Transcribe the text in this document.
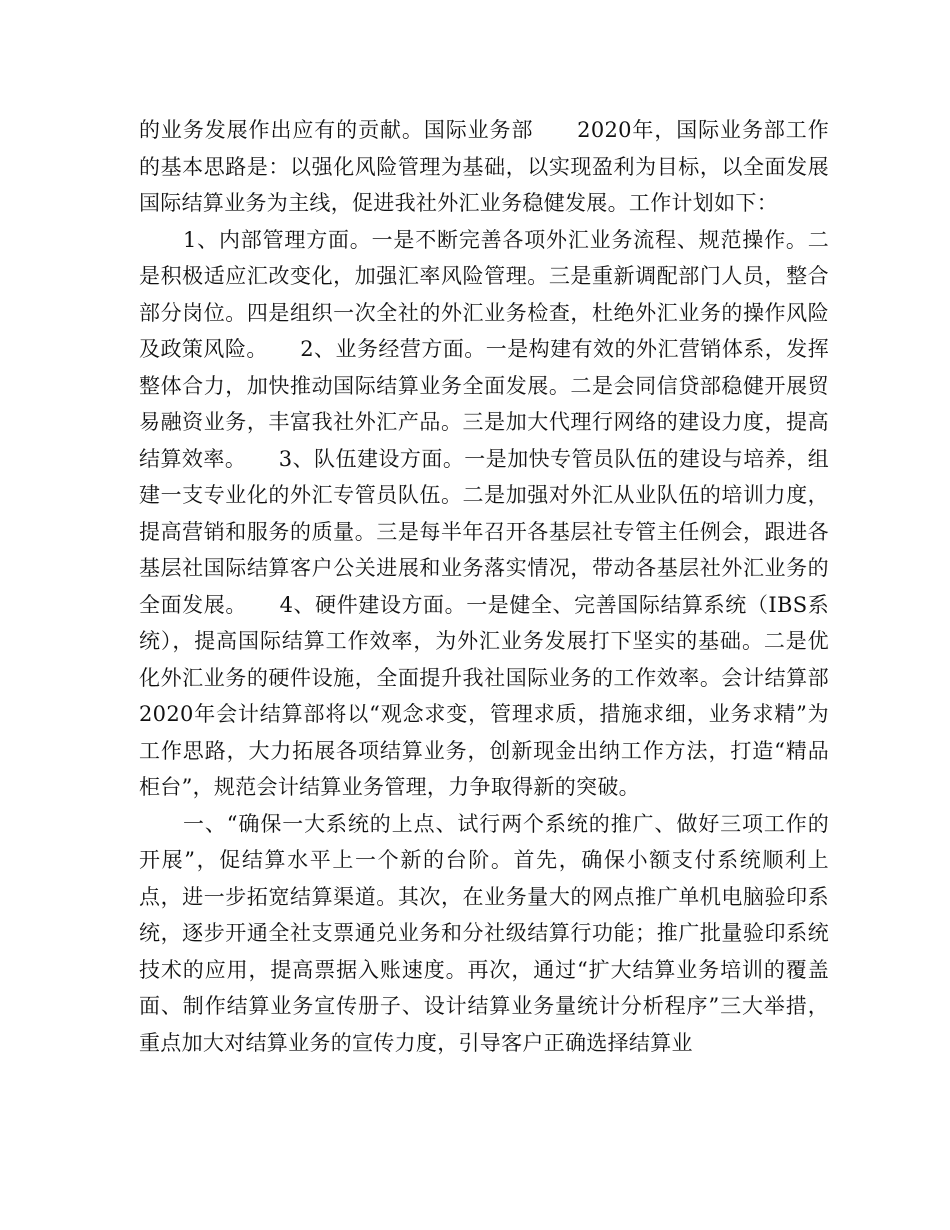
的业务发展作出应有的贡献。国际业务部　　2020年，国际业务部工作的基本思路是：以强化风险管理为基础，以实现盈利为目标，以全面发展国际结算业务为主线，促进我社外汇业务稳健发展。工作计划如下：

1、内部管理方面。一是不断完善各项外汇业务流程、规范操作。二是积极适应汇改变化，加强汇率风险管理。三是重新调配部门人员，整合部分岗位。四是组织一次全社的外汇业务检查，杜绝外汇业务的操作风险及政策风险。　　2、业务经营方面。一是构建有效的外汇营销体系，发挥整体合力，加快推动国际结算业务全面发展。二是会同信贷部稳健开展贸易融资业务，丰富我社外汇产品。三是加大代理行网络的建设力度，提高结算效率。　　3、队伍建设方面。一是加快专管员队伍的建设与培养，组建一支专业化的外汇专管员队伍。二是加强对外汇从业队伍的培训力度，提高营销和服务的质量。三是每半年召开各基层社专管主任例会，跟进各基层社国际结算客户公关进展和业务落实情况，带动各基层社外汇业务的全面发展。　　4、硬件建设方面。一是健全、完善国际结算系统（IBS系统），提高国际结算工作效率，为外汇业务发展打下坚实的基础。二是优化外汇业务的硬件设施，全面提升我社国际业务的工作效率。会计结算部　　2020年会计结算部将以“观念求变，管理求质，措施求细，业务求精”为工作思路，大力拓展各项结算业务，创新现金出纳工作方法，打造“精品柜台”，规范会计结算业务管理，力争取得新的突破。

一、“确保一大系统的上点、试行两个系统的推广、做好三项工作的开展”，促结算水平上一个新的台阶。首先，确保小额支付系统顺利上点，进一步拓宽结算渠道。其次，在业务量大的网点推广单机电脑验印系统，逐步开通全社支票通兑业务和分社级结算行功能；推广批量验印系统技术的应用，提高票据入账速度。再次，通过“扩大结算业务培训的覆盖面、制作结算业务宣传册子、设计结算业务量统计分析程序”三大举措，重点加大对结算业务的宣传力度，引导客户正确选择结算业
